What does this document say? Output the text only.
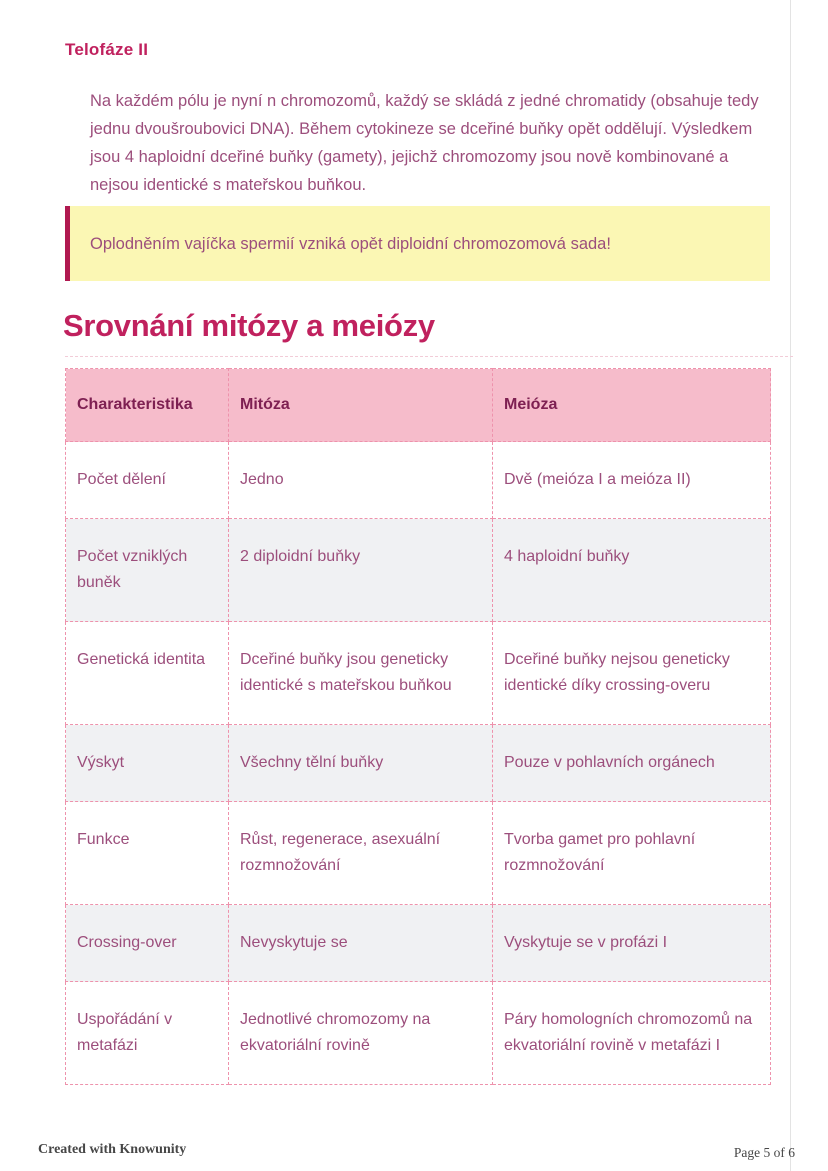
Telofáze II

Na každém pólu je nyní n chromozomů, každý se skládá z jedné chromatidy (obsahuje tedy jednu dvoušroubovici DNA). Během cytokineze se dceřiné buňky opět oddělují. Výsledkem jsou 4 haploidní dceřiné buňky (gamety), jejichž chromozomy jsou nově kombinované a nejsou identické s mateřskou buňkou.

Oplodněním vajíčka spermií vzniká opět diploidní chromozomová sada!
Srovnání mitózy a meiózy
Charakteristika	Mitóza	Meióza
Počet dělení	Jedno	Dvě (meióza I a meióza II)
Počet vzniklých buněk	2 diploidní buňky	4 haploidní buňky
Genetická identita	Dceřiné buňky jsou geneticky identické s mateřskou buňkou	Dceřiné buňky nejsou geneticky identické díky crossing-overu
Výskyt	Všechny tělní buňky	Pouze v pohlavních orgánech
Funkce	Růst, regenerace, asexuální rozmnožování	Tvorba gamet pro pohlavní rozmnožování
Crossing-over	Nevyskytuje se	Vyskytuje se v profázi I
Uspořádání v metafázi	Jednotlivé chromozomy na ekvatoriální rovině	Páry homologních chromozomů na ekvatoriální rovině v metafázi I
Created with Knowunity	Page 5 of 6
